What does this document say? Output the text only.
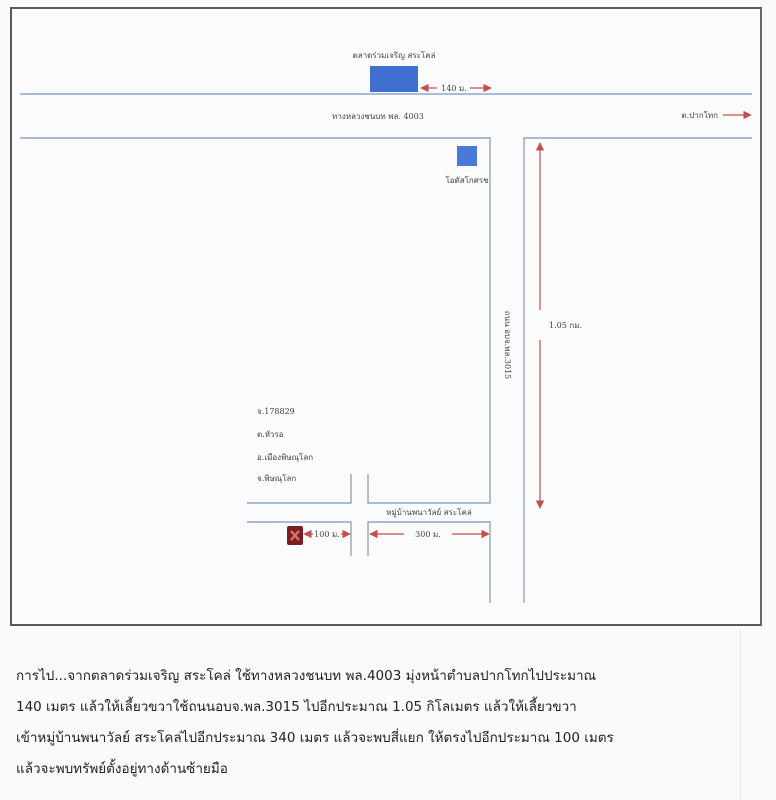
ตลาดร่วมเจริญ สระโคล่
140 ม.
ทางหลวงชนบท พล. 4003	ต.ปากโทก
โอดัสโกศรช
ถนน อบจ.พล.3015	1.05 กม.
จ.178829
ต.หัวรอ
อ.เมืองพิษณุโลก
จ.พิษณุโลก
หมู่บ้านพนาวัลย์ สระโคล่
100 ม.	300 ม.

การไป...จากตลาดร่วมเจริญ สระโคล่ ใช้ทางหลวงชนบท พล.4003 มุ่งหน้าตำบลปากโทกไปประมาณ

140 เมตร แล้วให้เลี้ยวขวาใช้ถนนอบจ.พล.3015 ไปอีกประมาณ 1.05 กิโลเมตร แล้วให้เลี้ยวขวา

เข้าหมู่บ้านพนาวัลย์ สระโคล่ไปอีกประมาณ 340 เมตร แล้วจะพบสี่แยก ให้ตรงไปอีกประมาณ 100 เมตร

แล้วจะพบทรัพย์ตั้งอยู่ทางด้านซ้ายมือ
